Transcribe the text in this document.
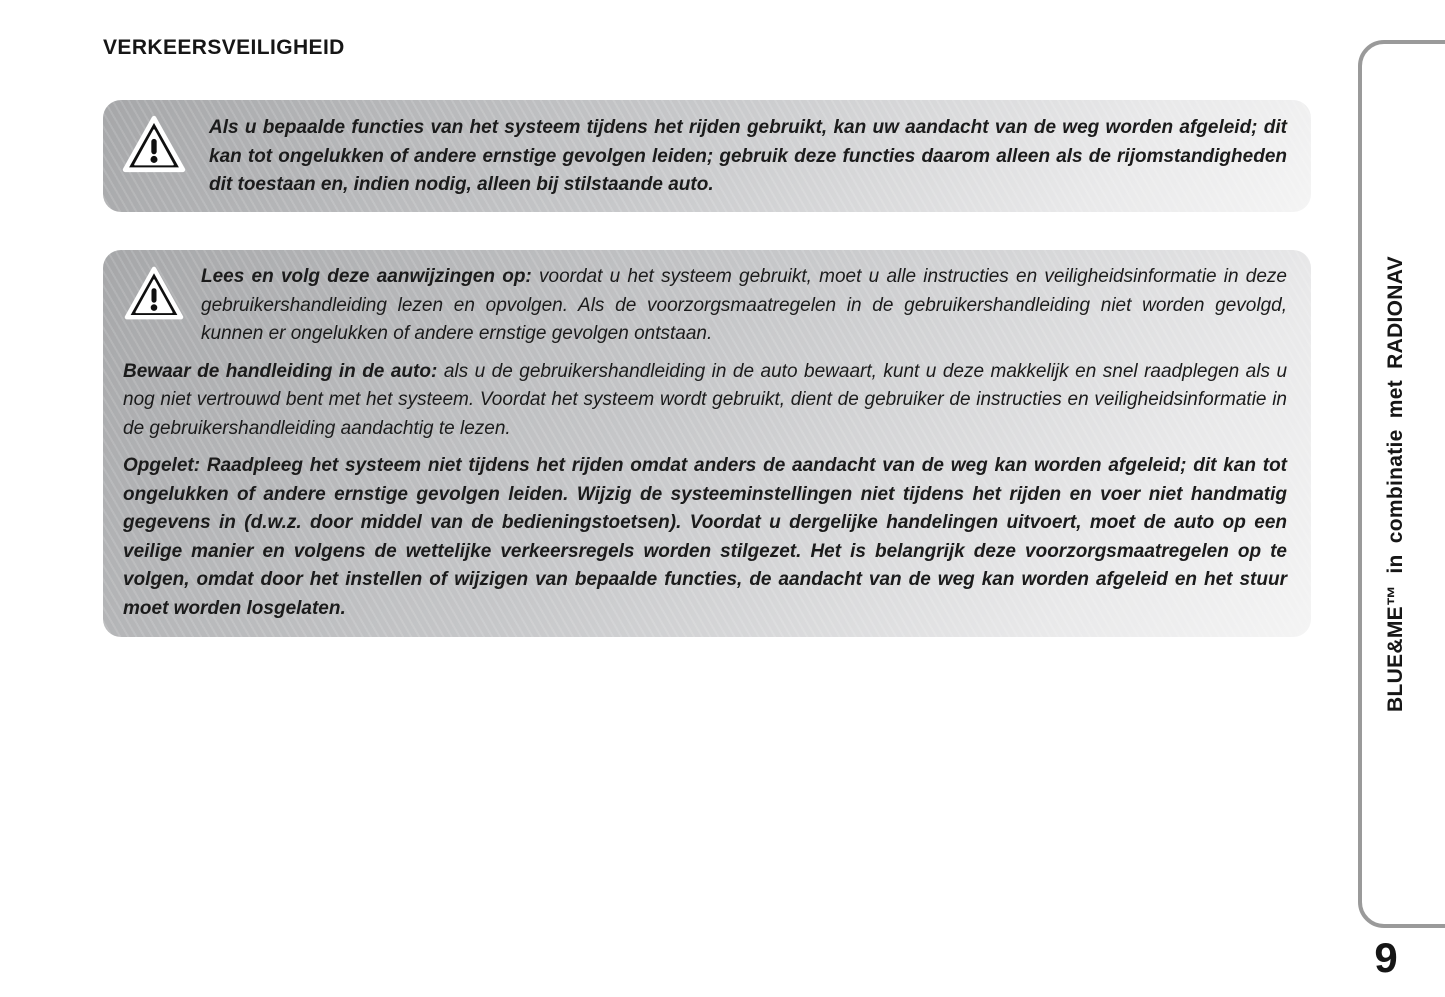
VERKEERSVEILIGHEID
Als u bepaalde functies van het systeem tijdens het rijden gebruikt, kan uw aandacht van de weg worden afgeleid; dit kan tot ongelukken of andere ernstige gevolgen leiden; gebruik deze functies daarom alleen als de rijomstandigheden dit toestaan en, indien nodig, alleen bij stilstaande auto.

Lees en volg deze aanwijzingen op: voordat u het systeem gebruikt, moet u alle instructies en veiligheidsinformatie in deze gebruikershandleiding lezen en opvolgen. Als de voorzorgsmaatregelen in de gebruikershandleiding niet worden gevolgd, kunnen er ongelukken of andere ernstige gevolgen ontstaan.

Bewaar de handleiding in de auto: als u de gebruikershandleiding in de auto bewaart, kunt u deze makkelijk en snel raadplegen als u nog niet vertrouwd bent met het systeem. Voordat het systeem wordt gebruikt, dient de gebruiker de instructies en veiligheidsinformatie in de gebruikershandleiding aandachtig te lezen.

Opgelet: Raadpleeg het systeem niet tijdens het rijden omdat anders de aandacht van de weg kan worden afgeleid; dit kan tot ongelukken of andere ernstige gevolgen leiden. Wijzig de systeeminstellingen niet tijdens het rijden en voer niet handmatig gegevens in (d.w.z. door middel van de bedieningstoetsen). Voordat u dergelijke handelingen uitvoert, moet de auto op een veilige manier en volgens de wettelijke verkeersregels worden stilgezet. Het is belangrijk deze voorzorgsmaatregelen op te volgen, omdat door het instellen of wijzigen van bepaalde functies, de aandacht van de weg kan worden afgeleid en het stuur moet worden losgelaten.	BLUE&ME™ in combinatie met RADIONAV
9
